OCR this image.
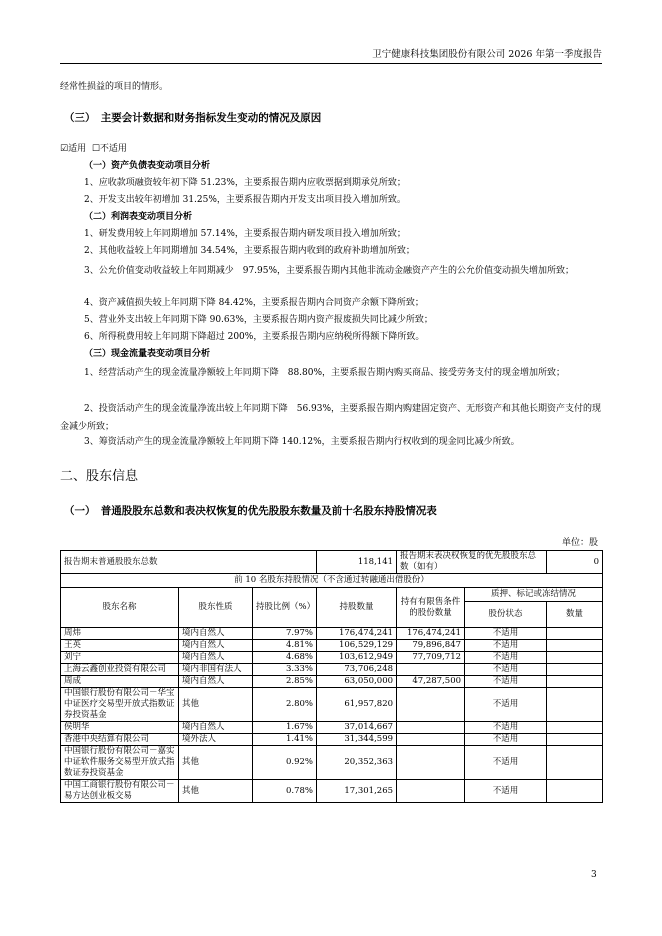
卫宁健康科技集团股份有限公司 2026 年第一季度报告
经常性损益的项目的情形。
（三）　主要会计数据和财务指标发生变动的情况及原因
☑适用 ☐不适用
（一）资产负债表变动项目分析
1、应收款项融资较年初下降 51.23%，主要系报告期内应收票据到期承兑所致；
2、开发支出较年初增加 31.25%，主要系报告期内开发支出项目投入增加所致。
（二）利润表变动项目分析
1、研发费用较上年同期增加 57.14%，主要系报告期内研发项目投入增加所致；
2、其他收益较上年同期增加 34.54%，主要系报告期内收到的政府补助增加所致；
3、公允价值变动收益较上年同期减少　97.95%，主要系报告期内其他非流动金融资产产生的公允价值变动损失增加所致；
4、资产减值损失较上年同期下降 84.42%，主要系报告期内合同资产余额下降所致；
5、营业外支出较上年同期下降 90.63%，主要系报告期内资产报废损失同比减少所致；
6、所得税费用较上年同期下降超过 200%，主要系报告期内应纳税所得额下降所致。
（三）现金流量表变动项目分析
1、经营活动产生的现金流量净额较上年同期下降　88.80%，主要系报告期内购买商品、接受劳务支付的现金增加所致；
2、投资活动产生的现金流量净流出较上年同期下降　56.93%，主要系报告期内购建固定资产、无形资产和其他长期资产支付的现金减少所致；
3、筹资活动产生的现金流量净额较上年同期下降 140.12%，主要系报告期内行权收到的现金同比减少所致。
二、股东信息
（一）　普通股股东总数和表决权恢复的优先股股东数量及前十名股东持股情况表
单位：股
报告期末普通股股东总数			118,141	报告期末表决权恢复的优先股股东总数（如有）		0
前 10 名股东持股情况（不含通过转融通出借股份）						
股东名称	股东性质	持股比例（%）	持股数量	持有有限售条件的股份数量	质押、标记或冻结情况	
					股份状态	数量
周炜	境内自然人	7.97%	176,474,241	176,474,241	不适用	
王英	境内自然人	4.81%	106,529,129	79,896,847	不适用	
刘宁	境内自然人	4.68%	103,612,949	77,709,712	不适用	
上海云鑫创业投资有限公司	境内非国有法人	3.33%	73,706,248		不适用	
周成	境内自然人	2.85%	63,050,000	47,287,500	不适用	
中国银行股份有限公司－华宝中证医疗交易型开放式指数证券投资基金	其他	2.80%	61,957,820		不适用	
侯明华	境内自然人	1.67%	37,014,667		不适用	
香港中央结算有限公司	境外法人	1.41%	31,344,599		不适用	
中国银行股份有限公司－嘉实中证软件服务交易型开放式指数证券投资基金	其他	0.92%	20,352,363		不适用	
中国工商银行股份有限公司－易方达创业板交易	其他	0.78%	17,301,265		不适用	
3
